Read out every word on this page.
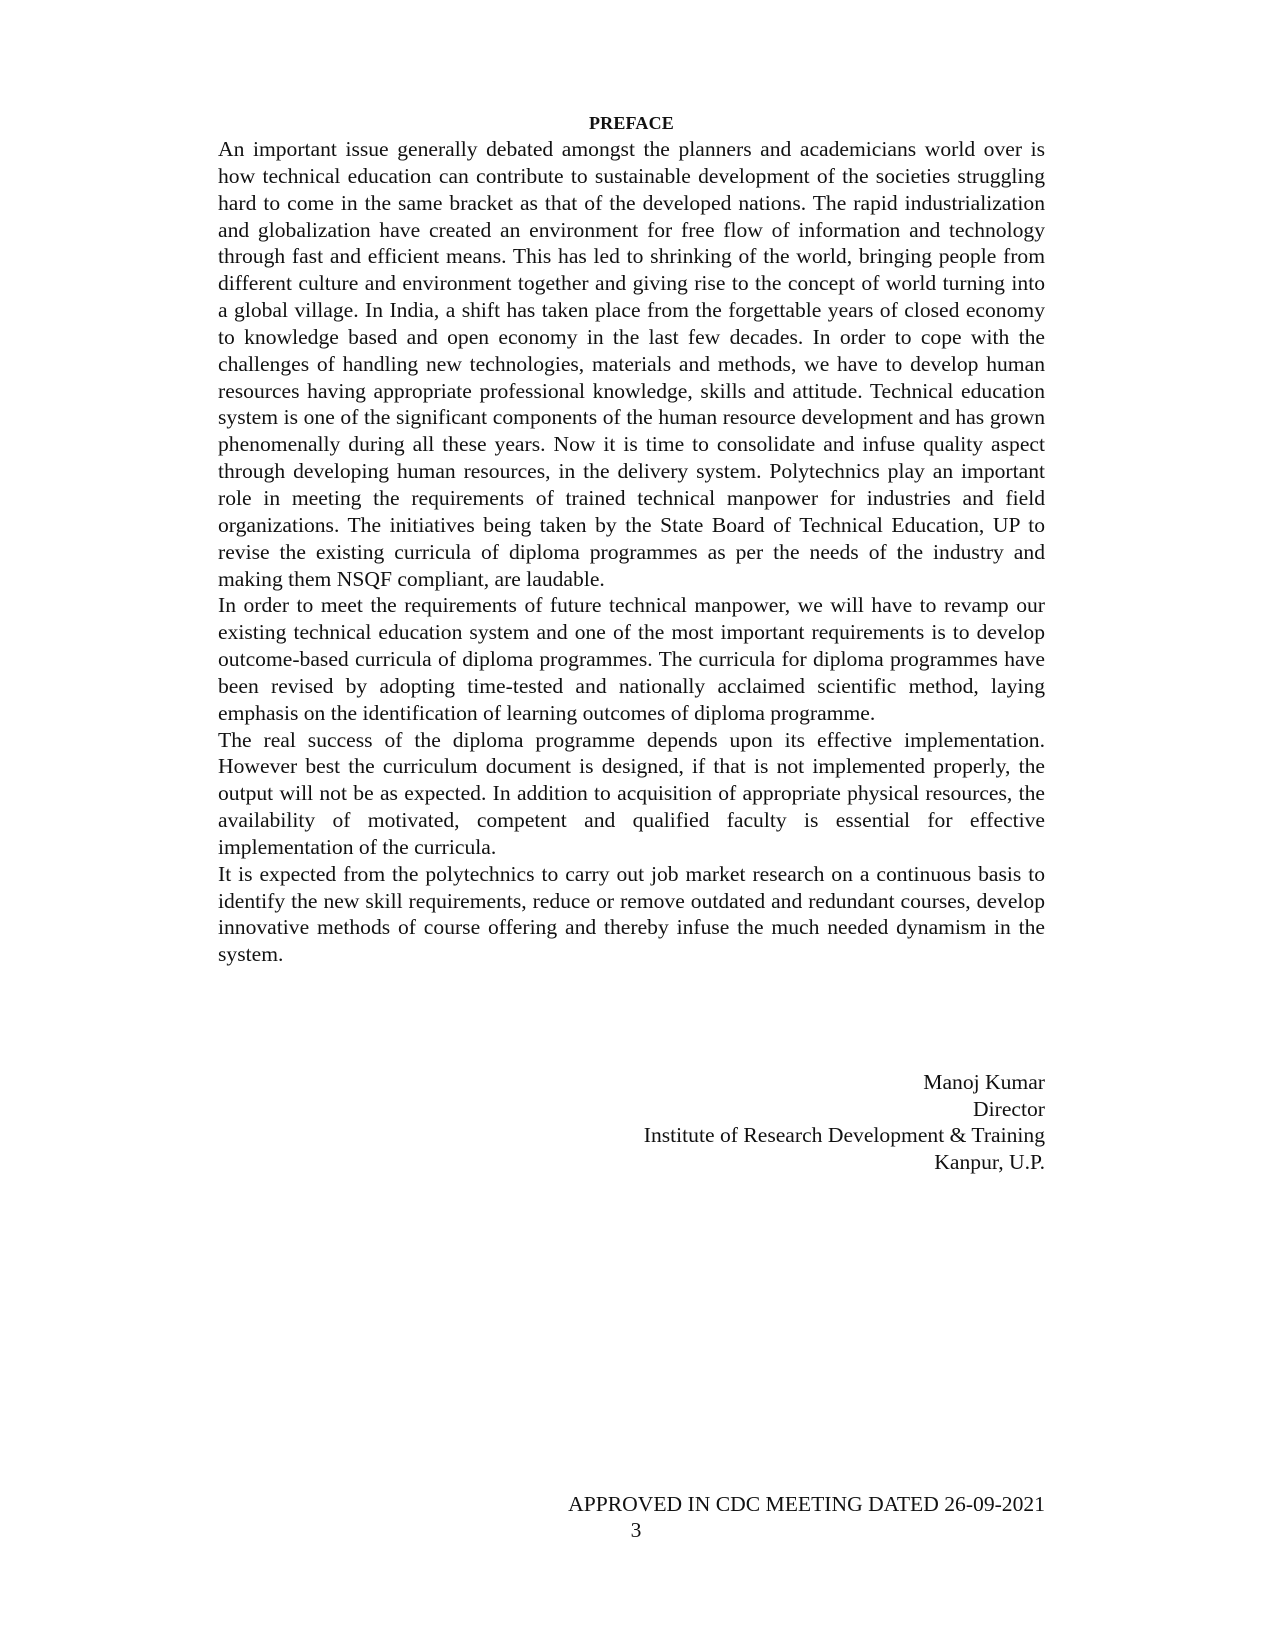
PREFACE

An important issue generally debated amongst the planners and academicians world over is how technical education can contribute to sustainable development of the societies struggling hard to come in the same bracket as that of the developed nations. The rapid industrialization and globalization have created an environment for free flow of information and technology through fast and efficient means. This has led to shrinking of the world, bringing people from different culture and environment together and giving rise to the concept of world turning into a global village. In India, a shift has taken place from the forgettable years of closed economy to knowledge based and open economy in the last few decades. In order to cope with the challenges of handling new technologies, materials and methods, we have to develop human resources having appropriate professional knowledge, skills and attitude. Technical education system is one of the significant components of the human resource development and has grown phenomenally during all these years. Now it is time to consolidate and infuse quality aspect through developing human resources, in the delivery system. Polytechnics play an important role in meeting the requirements of trained technical manpower for industries and field organizations. The initiatives being taken by the State Board of Technical Education, UP to revise the existing curricula of diploma programmes as per the needs of the industry and making them NSQF compliant, are laudable.

In order to meet the requirements of future technical manpower, we will have to revamp our existing technical education system and one of the most important requirements is to develop outcome-based curricula of diploma programmes. The curricula for diploma programmes have been revised by adopting time-tested and nationally acclaimed scientific method, laying emphasis on the identification of learning outcomes of diploma programme.

The real success of the diploma programme depends upon its effective implementation. However best the curriculum document is designed, if that is not implemented properly, the output will not be as expected. In addition to acquisition of appropriate physical resources, the availability of motivated, competent and qualified faculty is essential for effective implementation of the curricula.

It is expected from the polytechnics to carry out job market research on a continuous basis to identify the new skill requirements, reduce or remove outdated and redundant courses, develop innovative methods of course offering and thereby infuse the much needed dynamism in the system.

Manoj Kumar
Director
Institute of Research Development & Training
Kanpur, U.P.
APPROVED IN CDC MEETING DATED 26-09-2021
3
